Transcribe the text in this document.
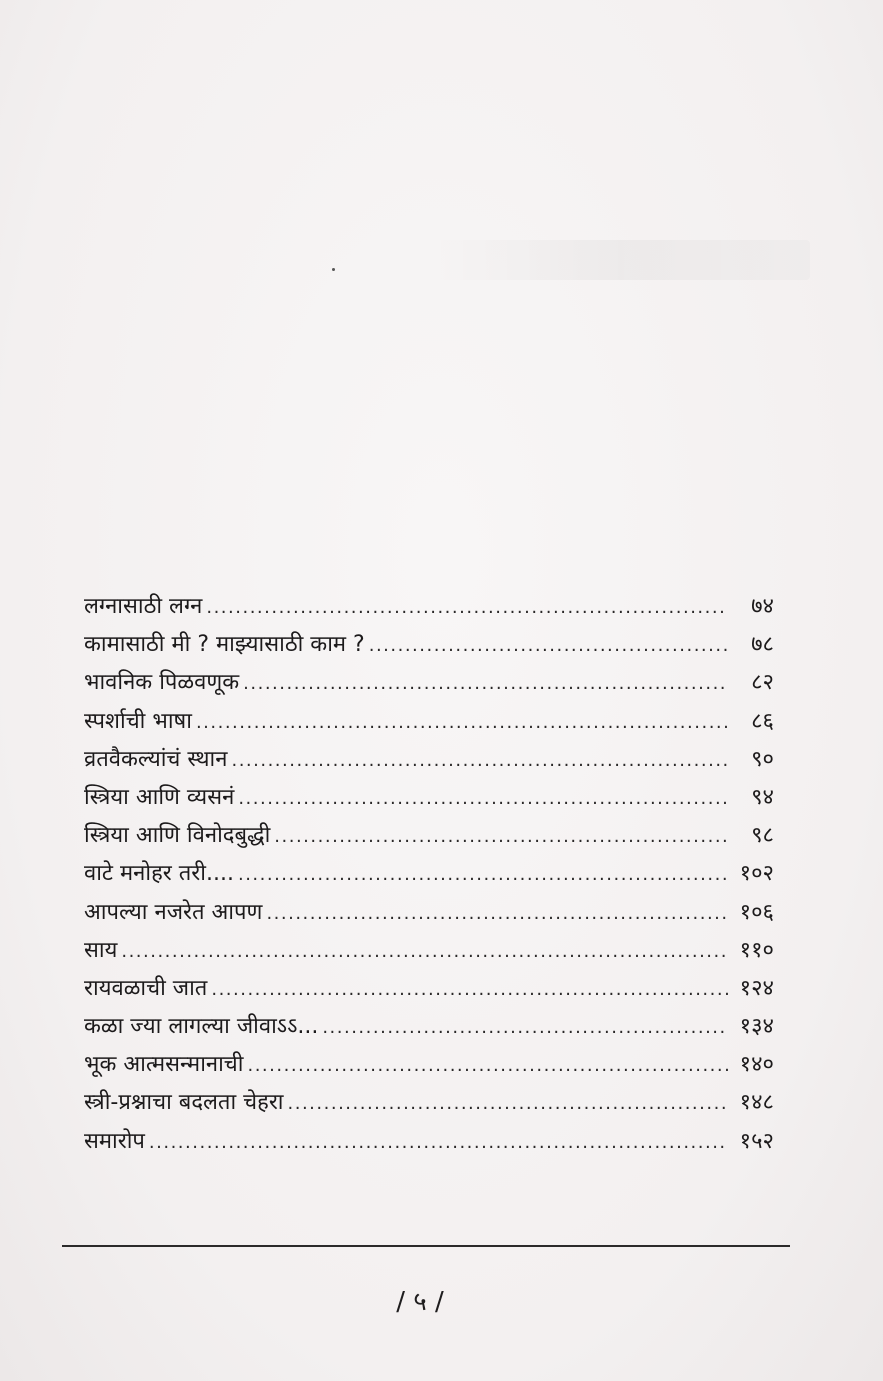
लग्नासाठी लग्न .....	७४
कामासाठी मी ? माझ्यासाठी काम ? .....	७८
भावनिक पिळवणूक .....	८२
स्पर्शाची भाषा .....	८६
व्रतवैकल्यांचं स्थान .....	९०
स्त्रिया आणि व्यसनं .....	९४
स्त्रिया आणि विनोदबुद्धी .....	९८
वाटे मनोहर तरी.... .....	१०२
आपल्या नजरेत आपण .....	१०६
साय .....	११०
रायवळाची जात .....	१२४
कळा ज्या लागल्या जीवाऽऽ... .....	१३४
भूक आत्मसन्मानाची .....	१४०
स्त्री-प्रश्नाचा बदलता चेहरा .....	१४८
समारोप .....	१५२
/ ५ /
